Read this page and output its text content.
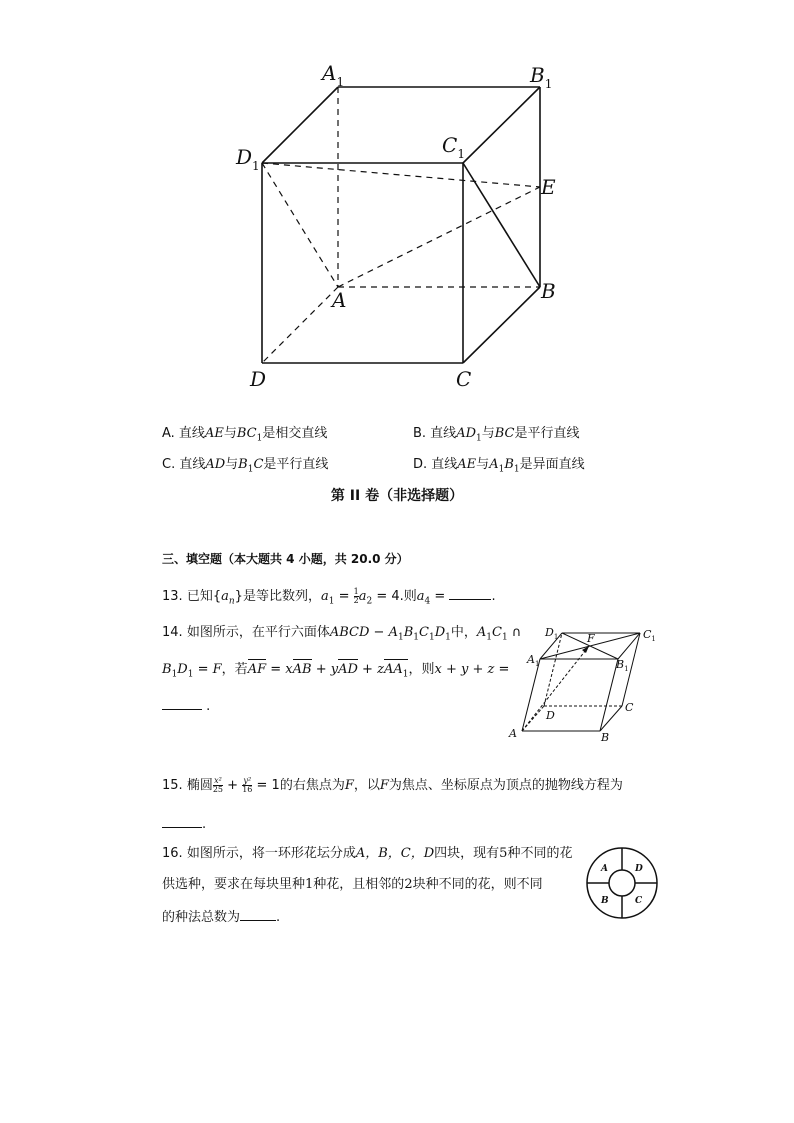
$A_1$	$B_1$
$C_1$
$D_1$
E
A	B
C
D
A. 直线AE与$BC_1$是相交直线	B. 直线$AD_1$与BC是平行直线
C. 直线AD与$B_1C$是平行直线	D. 直线AE与$A_1B_1$是异面直线
第 II 卷（非选择题）
三、填空题（本大题共 4 小题，共 20.0 分）
13. 已知$\{a_n\}$是等比数列，$a_1 = \frac{1}{2} a_2 = 4$.则$a_4$ =	.
14. 如图所示，在平行六面体ABCD − $A_1B_1C_1D_1$中，$A_1C_1$ ∩
$B_1D_1 = F$，若AF = xAB + yAD + zAA$_1$，则x + y + z =
.
$D_1$	F	$C_1$
$A_1$	$B_1$
D
C
A	B
15. 椭圆 $\frac{\text{x²}}{25} + \frac{\text{y²}}{16} = 1$的右焦点为F，以F为焦点、坐标原点为顶点的抛物线方程为
.
16. 如图所示，将一环形花坛分成A，B，C，D四块，现有5种不同的花
供选种，要求在每块里种1种花，且相邻的2块种不同的花，则不同
的种法总数为	.
A	D
B	C
